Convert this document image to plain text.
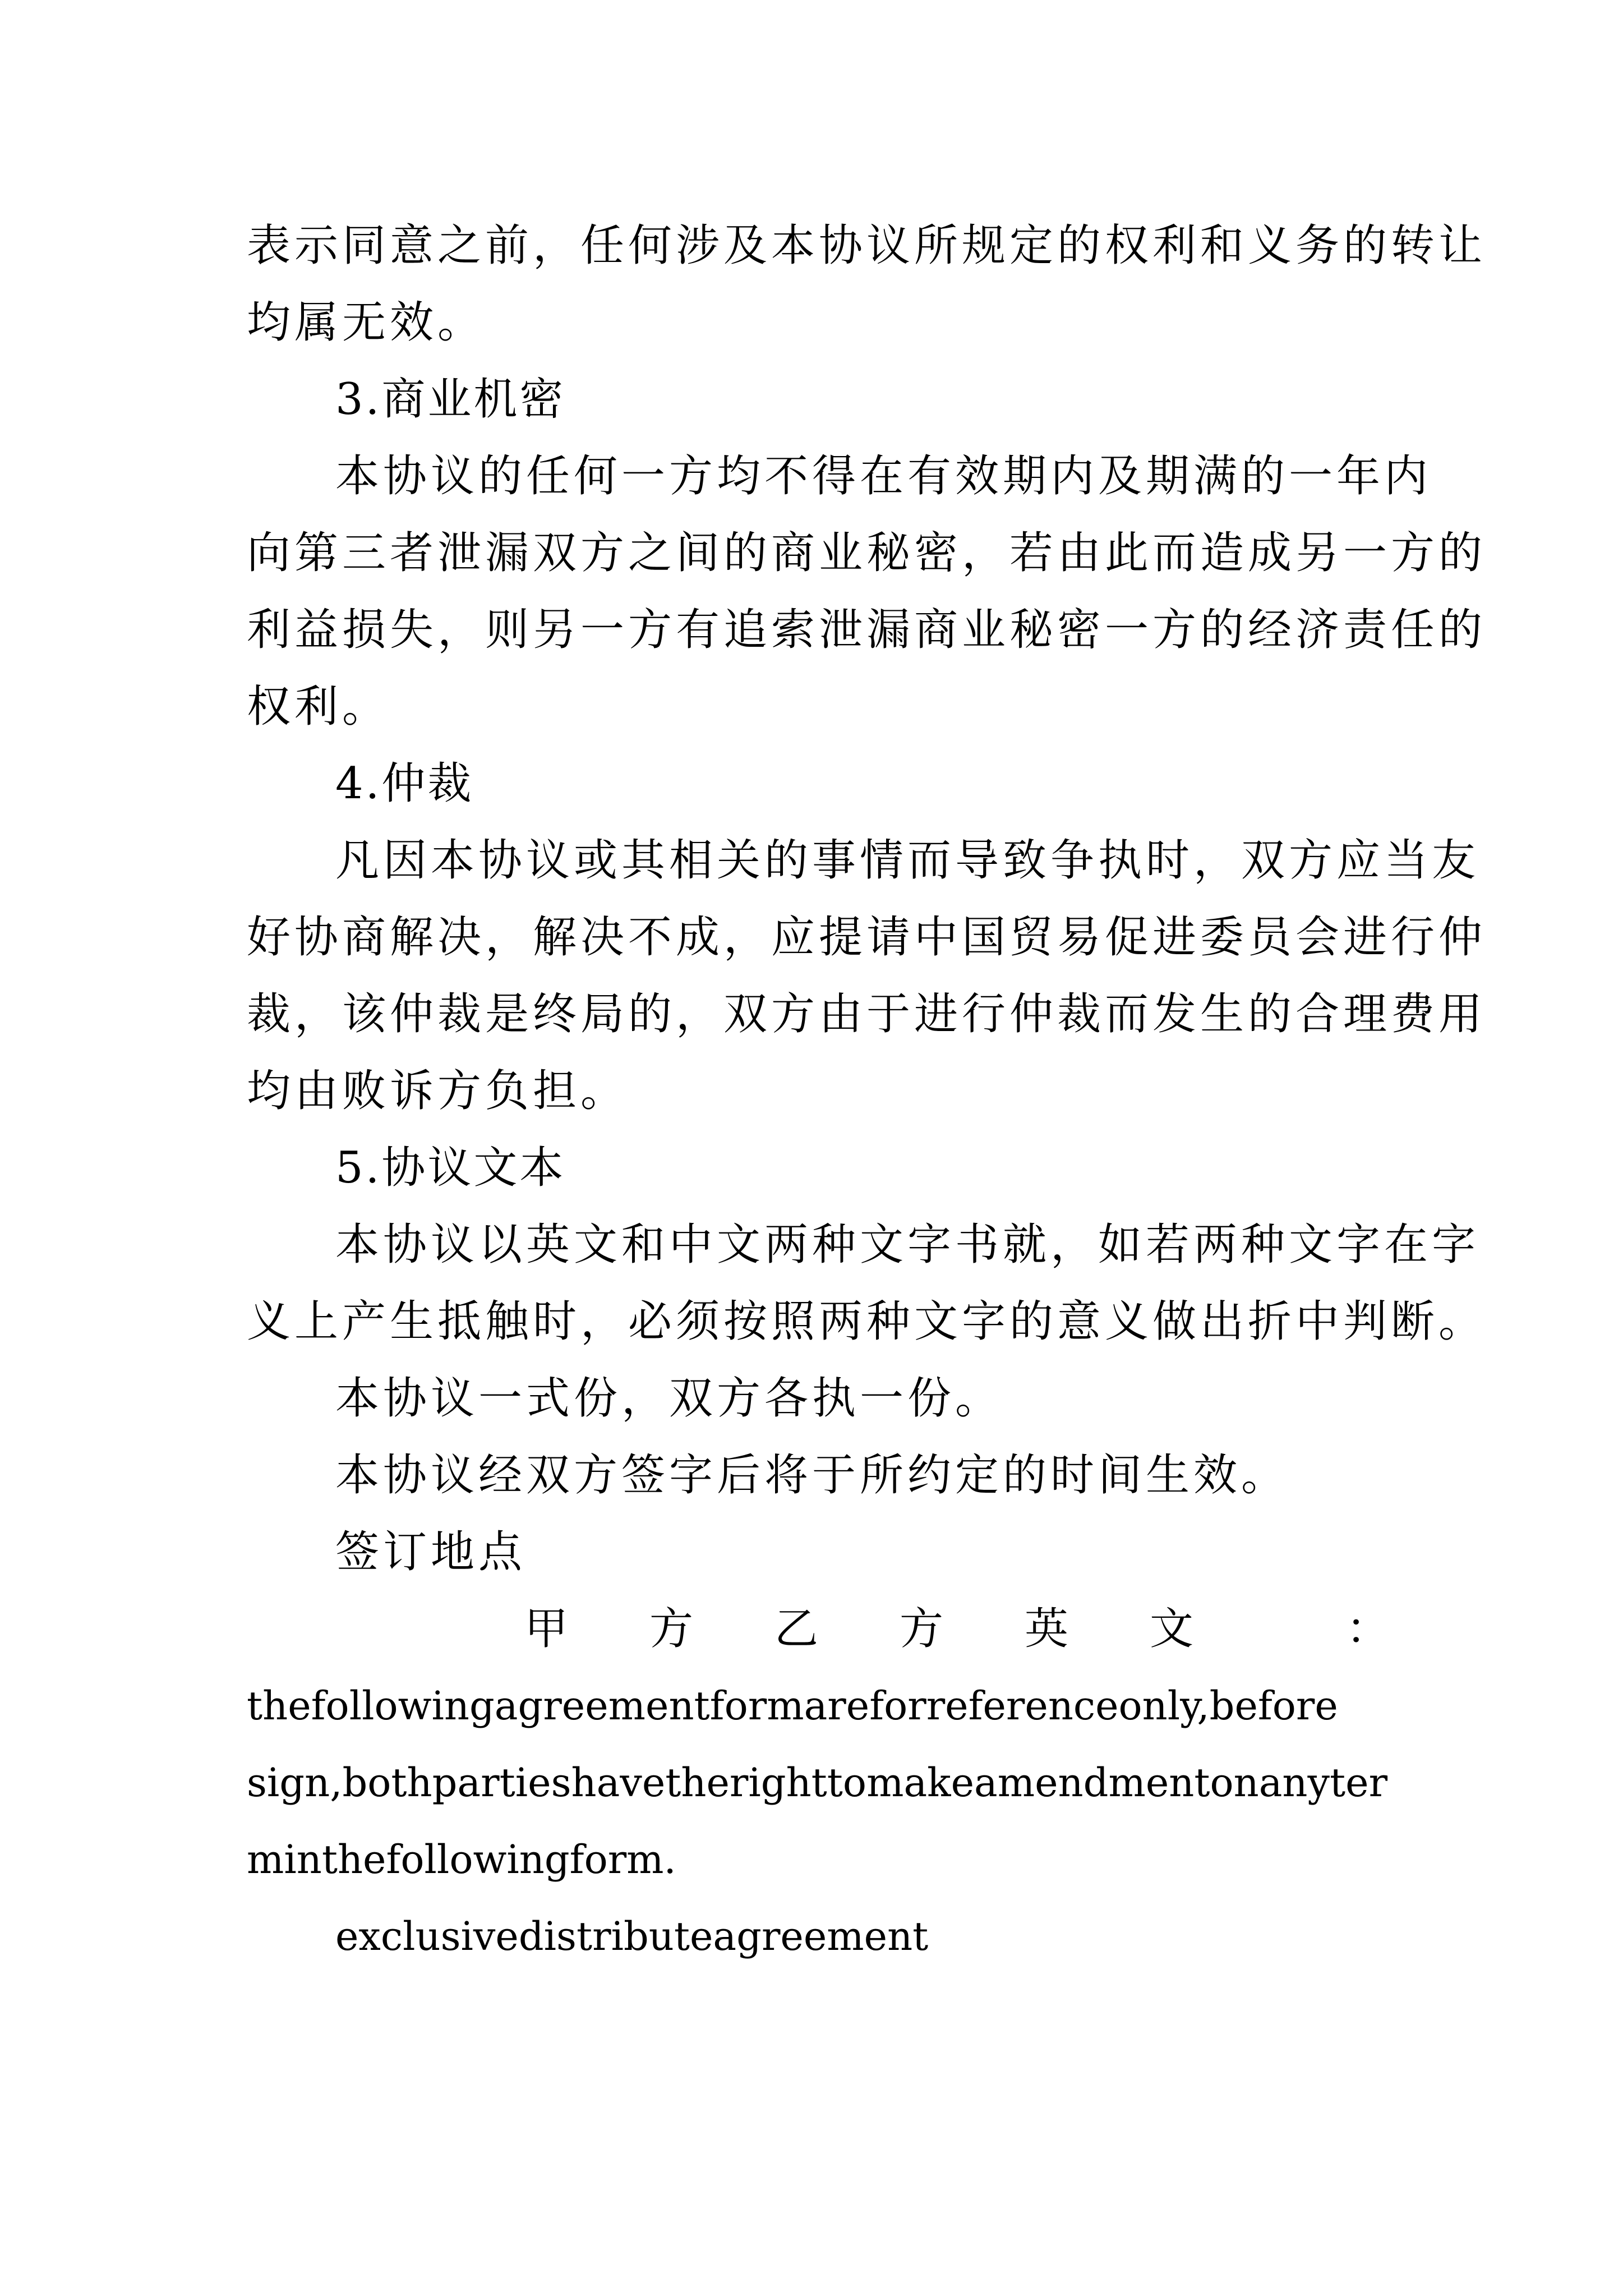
表示同意之前，任何涉及本协议所规定的权利和义务的转让
均属无效。
3.商业机密
本协议的任何一方均不得在有效期内及期满的一年内
向第三者泄漏双方之间的商业秘密，若由此而造成另一方的
利益损失，则另一方有追索泄漏商业秘密一方的经济责任的
权利。
4.仲裁
凡因本协议或其相关的事情而导致争执时，双方应当友
好协商解决，解决不成，应提请中国贸易促进委员会进行仲
裁，该仲裁是终局的，双方由于进行仲裁而发生的合理费用
均由败诉方负担。
5.协议文本
本协议以英文和中文两种文字书就，如若两种文字在字
义上产生抵触时，必须按照两种文字的意义做出折中判断。
本协议一式份，双方各执一份。
本协议经双方签字后将于所约定的时间生效。
签订地点
甲 方 乙 方 英 文	：
thefollowingagreementformareforreferenceonly,before
sign,bothpartieshavetherighttomakeamendmentonanyter
minthefollowingform.
exclusivedistributeagreement
